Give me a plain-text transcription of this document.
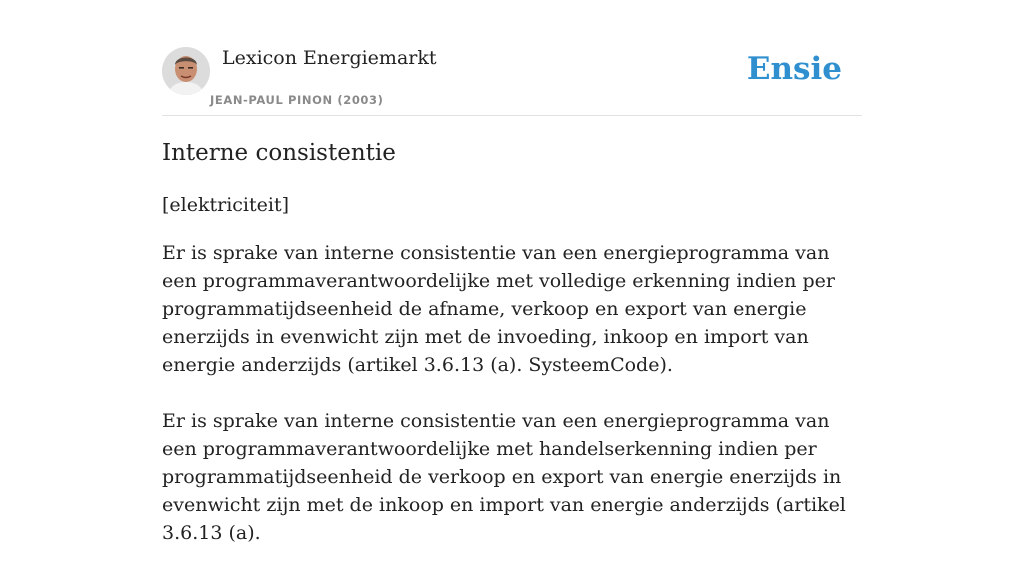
Lexicon Energiemarkt
JEAN-PAUL PINON (2003)
Ensie
Interne consistentie
[elektriciteit]

Er is sprake van interne consistentie van een energieprogramma van een programmaverantwoordelijke met volledige erkenning indien per programmatijdseenheid de afname, verkoop en export van energie enerzijds in evenwicht zijn met de invoeding, inkoop en import van energie anderzijds (artikel 3.6.13 (a). SysteemCode).

Er is sprake van interne consistentie van een energieprogramma van een programmaverantwoordelijke met handelserkenning indien per programmatijdseenheid de verkoop en export van energie enerzijds in evenwicht zijn met de inkoop en import van energie anderzijds (artikel 3.6.13 (a).
